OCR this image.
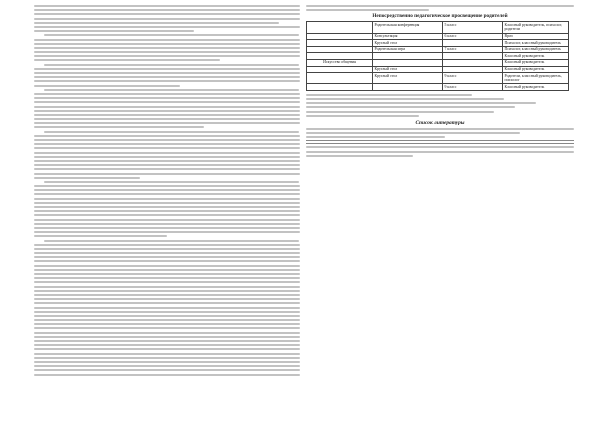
Непосредственно педагогическое просвещение родителей
	Родительская конференция	5 класс	Классный руководитель, психолог, родители
	Консультация	6 класс	Врач
	Круглый стол		Психолог, классный руководитель
	Родительская игра	7 класс	Психолог, классный руководитель
			Классный руководитель
Искусство общения			Классный руководитель
	Круглый стол		Классный руководитель
	Круглый стол	9 класс	Родители, классный руководитель, психолог
		9 класс	Классный руководитель
Список литературы
